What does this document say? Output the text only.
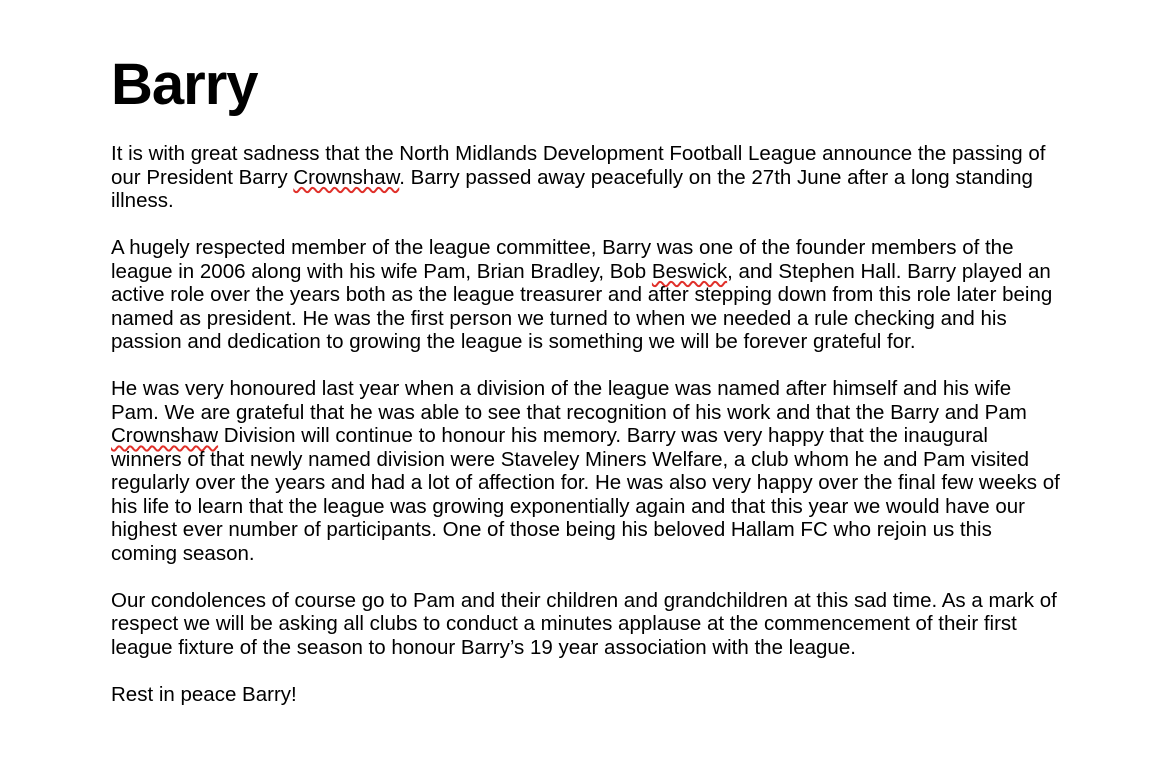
Barry

It is with great sadness that the North Midlands Development Football League announce the passing of our President Barry Crownshaw. Barry passed away peacefully on the 27th June after a long standing illness.

A hugely respected member of the league committee, Barry was one of the founder members of the league in 2006 along with his wife Pam, Brian Bradley, Bob Beswick, and Stephen Hall. Barry played an active role over the years both as the league treasurer and after stepping down from this role later being named as president. He was the first person we turned to when we needed a rule checking and his passion and dedication to growing the league is something we will be forever grateful for.

He was very honoured last year when a division of the league was named after himself and his wife Pam. We are grateful that he was able to see that recognition of his work and that the Barry and Pam Crownshaw Division will continue to honour his memory. Barry was very happy that the inaugural winners of that newly named division were Staveley Miners Welfare, a club whom he and Pam visited regularly over the years and had a lot of affection for. He was also very happy over the final few weeks of his life to learn that the league was growing exponentially again and that this year we would have our highest ever number of participants. One of those being his beloved Hallam FC who rejoin us this coming season.

Our condolences of course go to Pam and their children and grandchildren at this sad time. As a mark of respect we will be asking all clubs to conduct a minutes applause at the commencement of their first league fixture of the season to honour Barry’s 19 year association with the league.

Rest in peace Barry!
